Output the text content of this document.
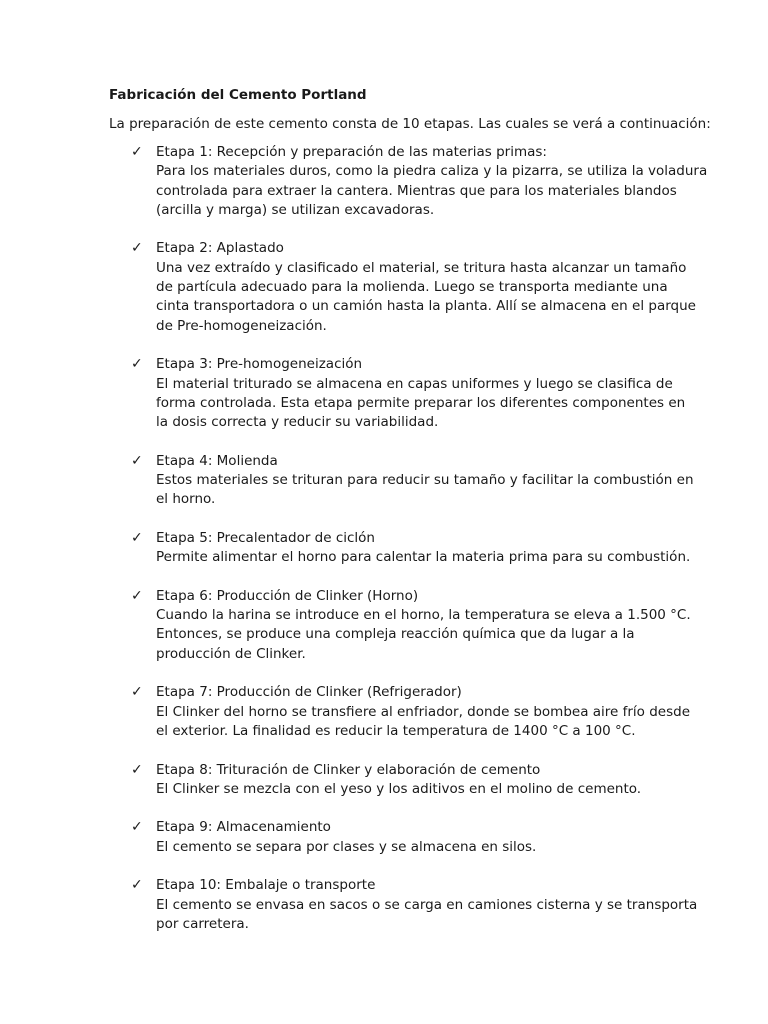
Fabricación del Cemento Portland
La preparación de este cemento consta de 10 etapas. Las cuales se verá a continuación:
✓ Etapa 1: Recepción y preparación de las materias primas:
Para los materiales duros, como la piedra caliza y la pizarra, se utiliza la voladura
controlada para extraer la cantera. Mientras que para los materiales blandos
(arcilla y marga) se utilizan excavadoras.
✓ Etapa 2: Aplastado
Una vez extraído y clasificado el material, se tritura hasta alcanzar un tamaño
de partícula adecuado para la molienda. Luego se transporta mediante una
cinta transportadora o un camión hasta la planta. Allí se almacena en el parque
de Pre-homogeneización.
✓ Etapa 3: Pre-homogeneización
El material triturado se almacena en capas uniformes y luego se clasifica de
forma controlada. Esta etapa permite preparar los diferentes componentes en
la dosis correcta y reducir su variabilidad.
✓ Etapa 4: Molienda
Estos materiales se trituran para reducir su tamaño y facilitar la combustión en
el horno.
✓ Etapa 5: Precalentador de ciclón
Permite alimentar el horno para calentar la materia prima para su combustión.
✓ Etapa 6: Producción de Clinker (Horno)
Cuando la harina se introduce en el horno, la temperatura se eleva a 1.500 °C.
Entonces, se produce una compleja reacción química que da lugar a la
producción de Clinker.
✓ Etapa 7: Producción de Clinker (Refrigerador)
El Clinker del horno se transfiere al enfriador, donde se bombea aire frío desde
el exterior. La finalidad es reducir la temperatura de 1400 °C a 100 °C.
✓ Etapa 8: Trituración de Clinker y elaboración de cemento
El Clinker se mezcla con el yeso y los aditivos en el molino de cemento.
✓ Etapa 9: Almacenamiento
El cemento se separa por clases y se almacena en silos.
✓ Etapa 10: Embalaje o transporte
El cemento se envasa en sacos o se carga en camiones cisterna y se transporta
por carretera.
